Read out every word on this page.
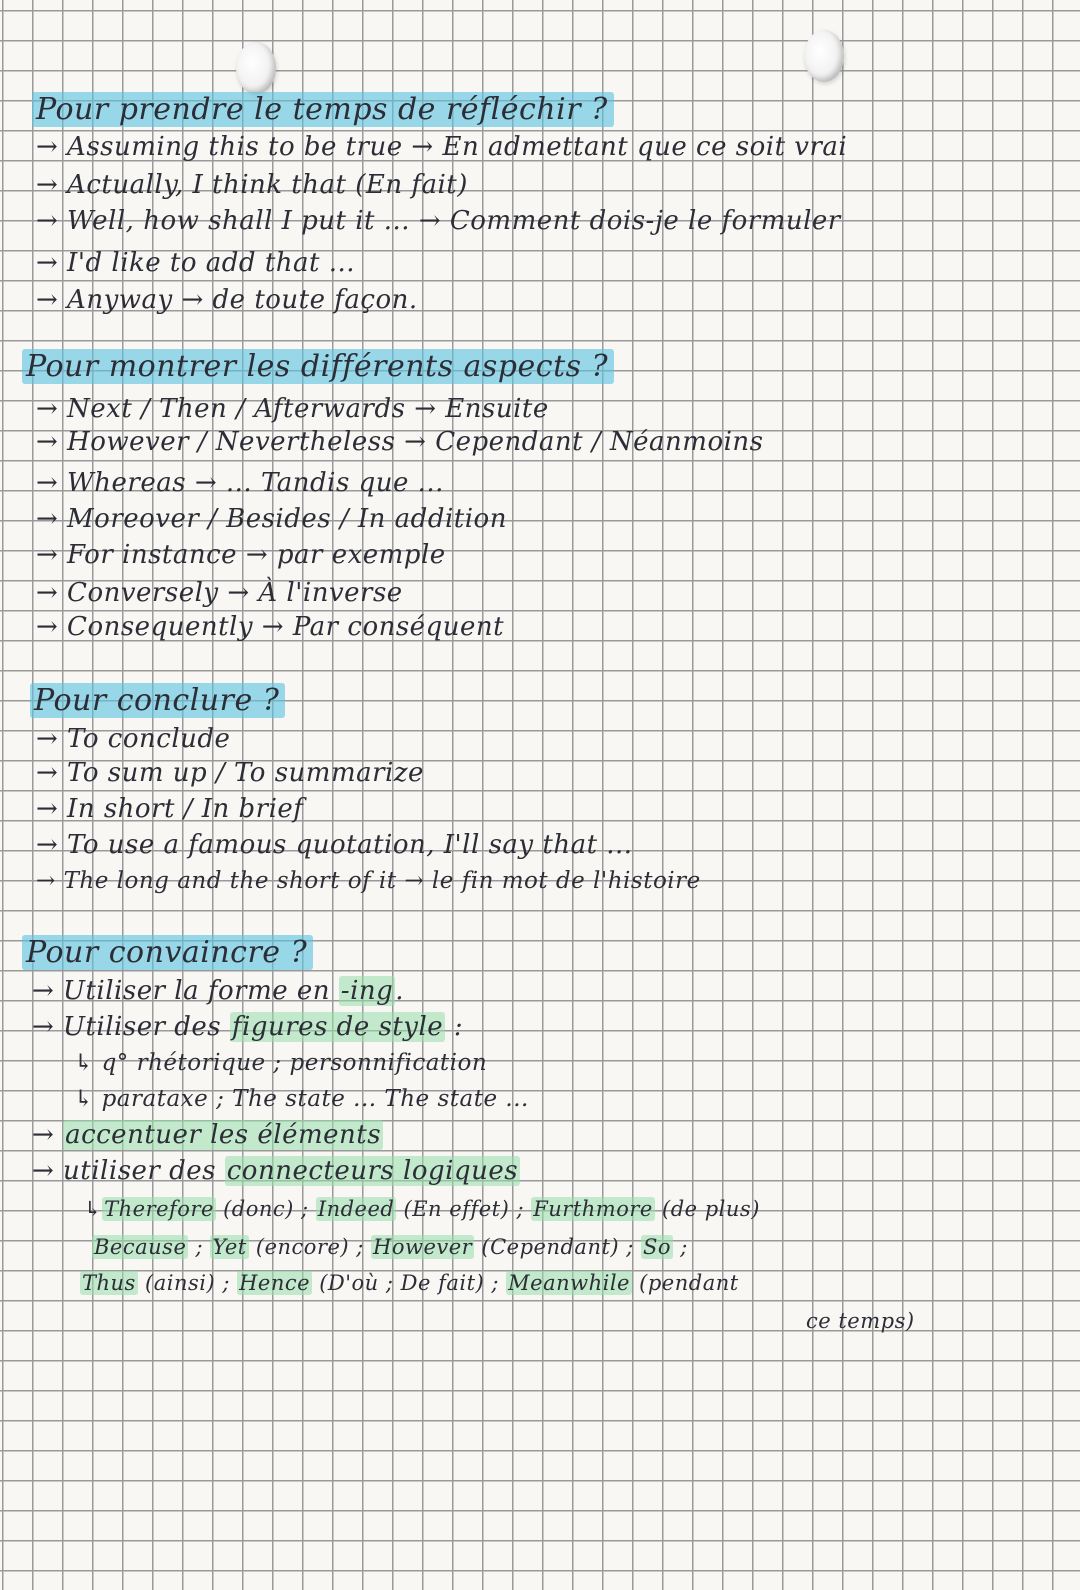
Pour prendre le temps de réfléchir ?
→ Assuming this to be true → En admettant que ce soit vrai
→ Actually, I think that (En fait)
→ Well, how shall I put it ... → Comment dois-je le formuler
→ I'd like to add that ...
→ Anyway → de toute façon.
Pour montrer les différents aspects ?
→ Next / Then / Afterwards → Ensuite
→ However / Nevertheless → Cependant / Néanmoins
→ Whereas → ... Tandis que ...
→ Moreover / Besides / In addition
→ For instance → par exemple
→ Conversely → À l'inverse
→ Consequently → Par conséquent
Pour conclure ?
→ To conclude
→ To sum up / To summarize
→ In short / In brief
→ To use a famous quotation, I'll say that ...
→ The long and the short of it → le fin mot de l'histoire
Pour convaincre ?
→ Utiliser la forme en -ing.
→ Utiliser des figures de style :
↳ q° rhétorique ; personnification
↳ parataxe ; The state ... The state ...
→ accentuer les éléments
→ utiliser des connecteurs logiques
↳Therefore (donc) ; Indeed (En effet) ; Furthmore (de plus)
Because ; Yet (encore) ; However (Cependant) ; So ;
Thus (ainsi) ; Hence (D'où ; De fait) ; Meanwhile (pendant
ce temps)
